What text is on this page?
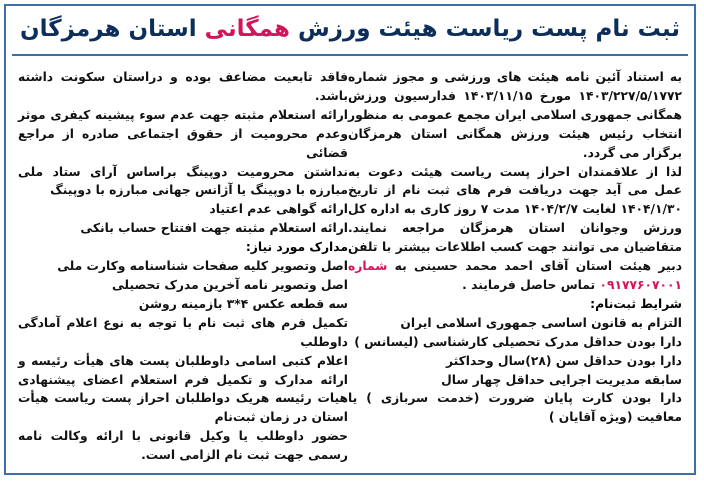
ثبت نام پست ریاست هیئت ورزش

همگانی

استان هرمزگان

به استناد آئین نامه هیئت های ورزشی و مجوز شماره ۱۴۰۳/۲۲۷/۵/۱۷۷۲ مورخ ۱۴۰۳/۱۱/۱۵ فدارسیون ورزش همگانی جمهوری اسلامی ایران مجمع عمومی به منظور انتخاب رئیس هیئت ورزش همگانی استان هرمزگان برگزار می گردد.

لذا از علاقمندان احراز پست ریاست هیئت دعوت به عمل می آید جهت دریافت فرم های ثبت نام از تاریخ ۱۴۰۴/۱/۳۰ لغایت ۱۴۰۴/۲/۷ مدت ۷ روز کاری به اداره کل ورزش وجوانان استان هرمزگان مراجعه نمایند. متقاضیان می توانند جهت کسب اطلاعات بیشتر با تلفن دبیر هیئت استان آقای احمد محمد حسینی به شماره ۰۹۱۷۷۶۰۷۰۰۱ تماس حاصل فرمایند .

شرایط ثبت‌نام:

التزام به قانون اساسی جمهوری اسلامی ایران

دارا بودن حداقل مدرک تحصیلی کارشناسی (لیسانس )

دارا بودن حداقل سن (۲۸)سال وحداکثر

سابقه مدیریت اجرایی حداقل چهار سال

دارا بودن کارت پایان ضرورت (خدمت سربازی ) یا معافیت (ویژه آقایان )

فاقد تابعیت مضاعف بوده و دراستان سکونت داشته باشد.

ارائه استعلام مثبته جهت عدم سوء پیشینه کیفری موثر وعدم محرومیت از حقوق اجتماعی صادره از مراجع قضائی

نداشتن محرومیت دوپینگ براساس آرای ستاد ملی مبارزه با دوپینگ یا آژانس جهانی مبارزه با دوپینگ

ارائه گواهی عدم اعتیاد

ارائه استعلام مثبته جهت افتتاح حساب بانکی

مدارک مورد نیاز:

اصل وتصویر کلیه صفحات شناسنامه وکارت ملی

اصل وتصویر نامه آخرین مدرک تحصیلی

سه قطعه عکس ۴*۳ بازمینه روشن

تکمیل فرم های ثبت نام با توجه به نوع اعلام آمادگی داوطلب

اعلام کتبی اسامی داوطلبان پست های هیأت رئیسه و ارائه مدارک و تکمیل فرم استعلام اعضای پیشنهادی هیات رئیسه هریک دواطلبان احراز پست ریاست هیأت استان در زمان ثبت‌نام

حضور داوطلب یا وکیل قانونی با ارائه وکالت نامه رسمی جهت ثبت نام الزامی است.
